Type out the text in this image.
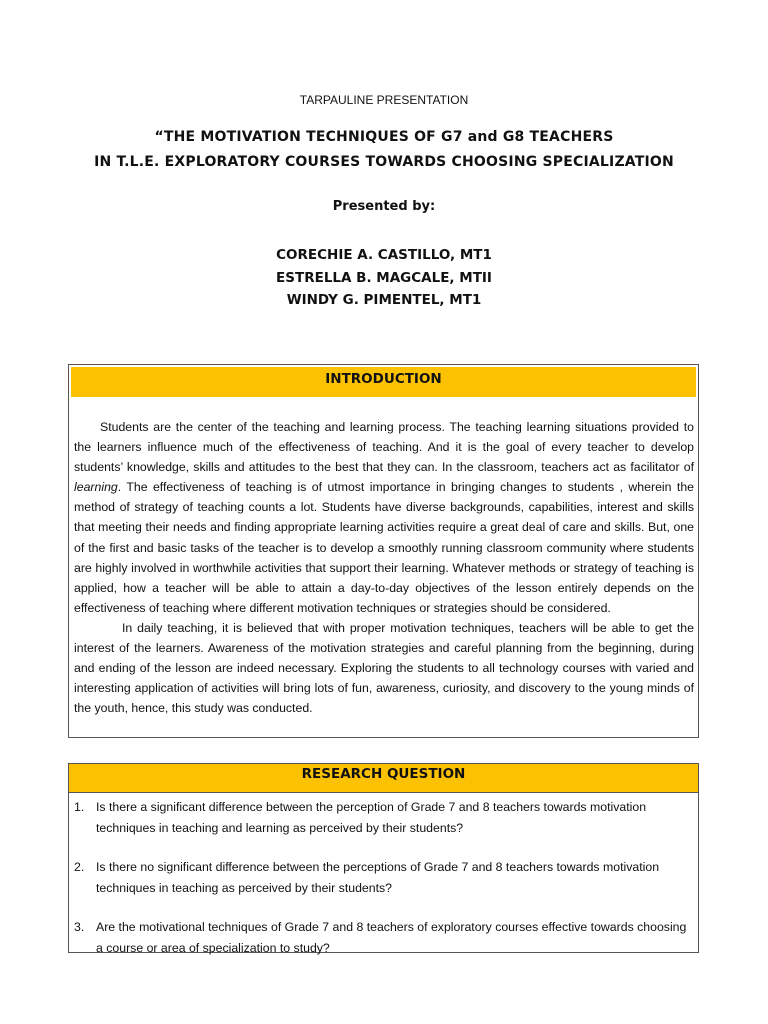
TARPAULINE PRESENTATION
“THE MOTIVATION TECHNIQUES OF G7 and G8 TEACHERS
IN T.L.E. EXPLORATORY COURSES TOWARDS CHOOSING SPECIALIZATION
Presented by:
CORECHIE A. CASTILLO, MT1
ESTRELLA B. MAGCALE, MTII
WINDY G. PIMENTEL, MT1
INTRODUCTION

Students are the center of the teaching and learning process. The teaching learning situations provided to the learners influence much of the effectiveness of teaching. And it is the goal of every teacher to develop students’ knowledge, skills and attitudes to the best that they can. In the classroom, teachers act as facilitator of learning. The effectiveness of teaching is of utmost importance in bringing changes to students , wherein the method of strategy of teaching counts a lot. Students have diverse backgrounds, capabilities, interest and skills that meeting their needs and finding appropriate learning activities require a great deal of care and skills. But, one of the first and basic tasks of the teacher is to develop a smoothly running classroom community where students are highly involved in worthwhile activities that support their learning. Whatever methods or strategy of teaching is applied, how a teacher will be able to attain a day-to-day objectives of the lesson entirely depends on the effectiveness of teaching where different motivation techniques or strategies should be considered.

In daily teaching, it is believed that with proper motivation techniques, teachers will be able to get the interest of the learners. Awareness of the motivation strategies and careful planning from the beginning, during and ending of the lesson are indeed necessary. Exploring the students to all technology courses with varied and interesting application of activities will bring lots of fun, awareness, curiosity, and discovery to the young minds of the youth, hence, this study was conducted.

RESEARCH QUESTION
1. Is there a significant difference between the perception of Grade 7 and 8 teachers towards motivation techniques in teaching and learning as perceived by their students?
2. Is there no significant difference between the perceptions of Grade 7 and 8 teachers towards motivation techniques in teaching as perceived by their students?
3. Are the motivational techniques of Grade 7 and 8 teachers of exploratory courses effective towards choosing a course or area of specialization to study?
